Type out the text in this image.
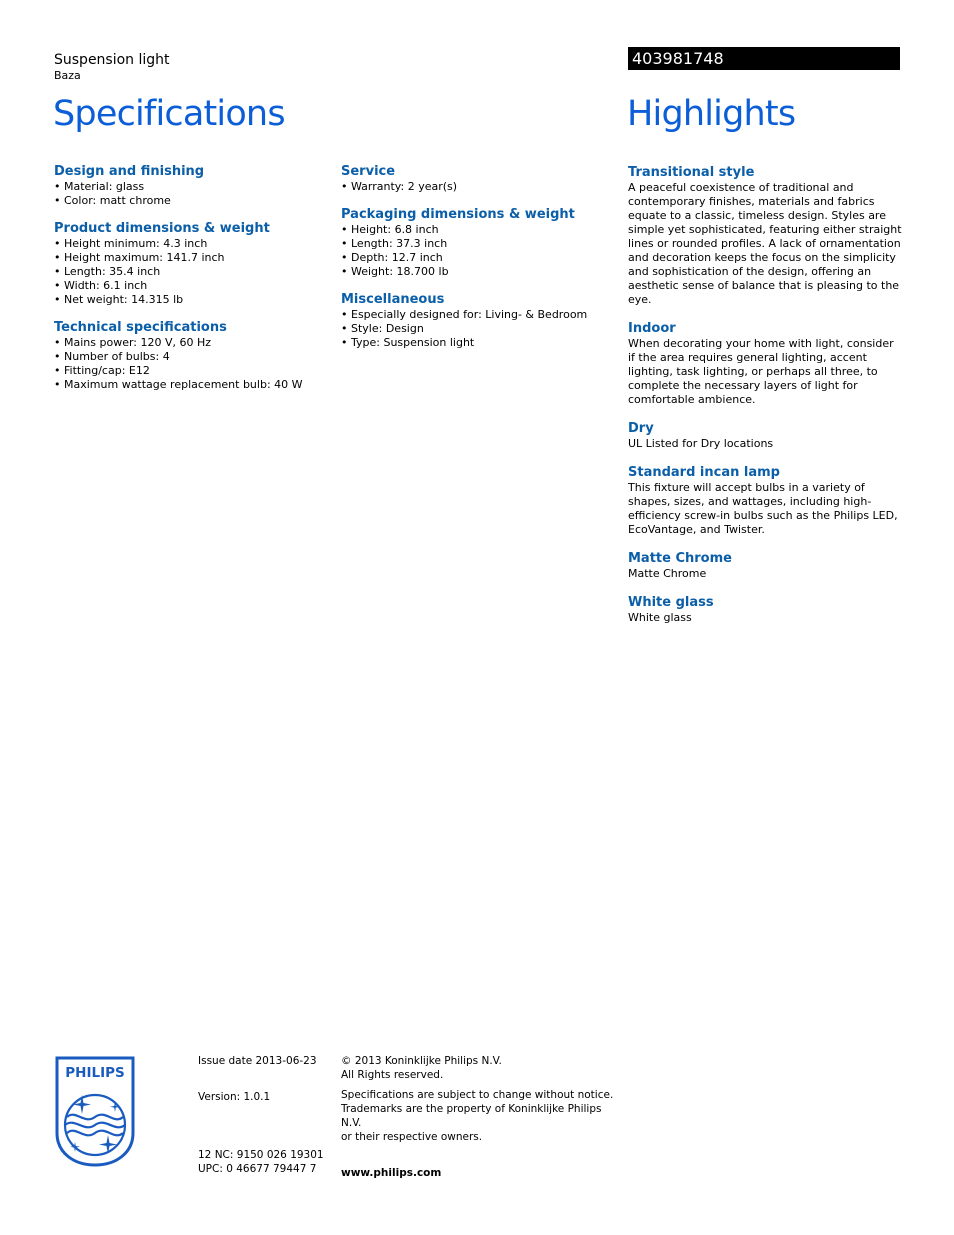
Suspension light
Baza
403981748
Specifications	Highlights
Design and finishing
• Material: glass
• Color: matt chrome
Product dimensions & weight
• Height minimum: 4.3 inch
• Height maximum: 141.7 inch
• Length: 35.4 inch
• Width: 6.1 inch
• Net weight: 14.315 lb
Technical specifications
• Mains power: 120 V, 60 Hz
• Number of bulbs: 4
• Fitting/cap: E12
• Maximum wattage replacement bulb: 40 W
Service
• Warranty: 2 year(s)
Packaging dimensions & weight
• Height: 6.8 inch
• Length: 37.3 inch
• Depth: 12.7 inch
• Weight: 18.700 lb
Miscellaneous
• Especially designed for: Living- & Bedroom
• Style: Design
• Type: Suspension light
Transitional style

A peaceful coexistence of traditional and contemporary finishes, materials and fabrics equate to a classic, timeless design. Styles are simple yet sophisticated, featuring either straight lines or rounded profiles. A lack of ornamentation and decoration keeps the focus on the simplicity and sophistication of the design, offering an aesthetic sense of balance that is pleasing to the eye.

Indoor

When decorating your home with light, consider if the area requires general lighting, accent lighting, task lighting, or perhaps all three, to complete the necessary layers of light for comfortable ambience.

Dry

UL Listed for Dry locations

Standard incan lamp

This fixture will accept bulbs in a variety of shapes, sizes, and wattages, including high-efficiency screw-in bulbs such as the Philips LED, EcoVantage, and Twister.

Matte Chrome

Matte Chrome

White glass

White glass

PHILIPS

Issue date 2013-06-23

Version: 1.0.1

12 NC: 9150 026 19301

UPC: 0 46677 79447 7

© 2013 Koninklijke Philips N.V.

All Rights reserved.

Specifications are subject to change without notice.

Trademarks are the property of Koninklijke Philips N.V.

or their respective owners.

www.philips.com
